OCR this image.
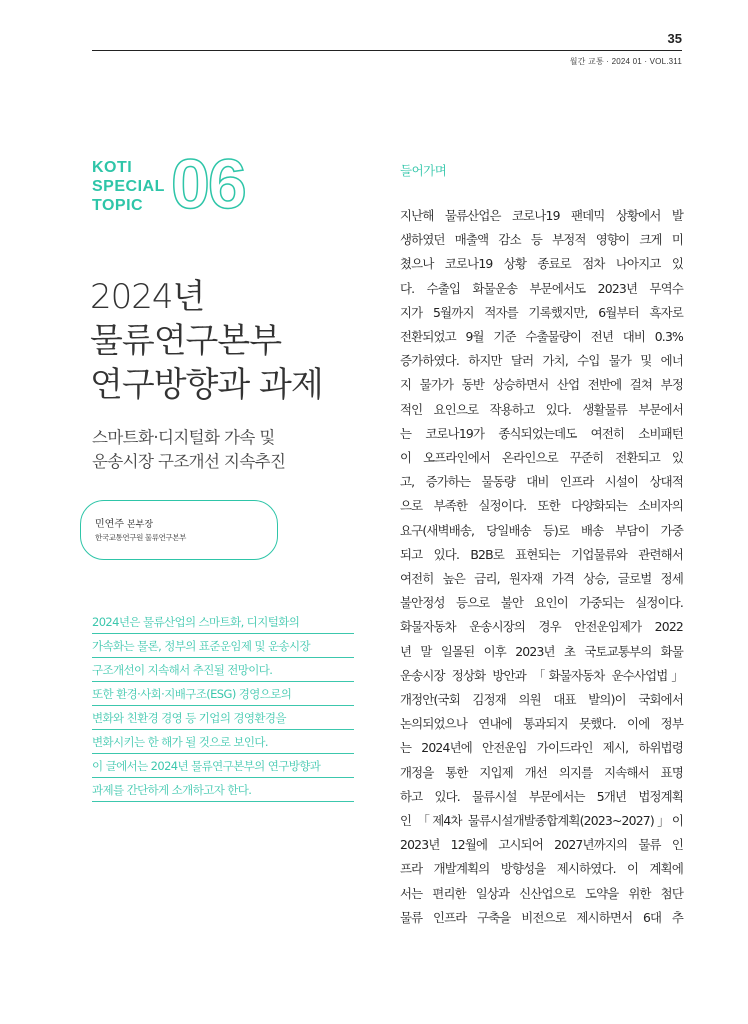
35
월간 교통 · 2024 01 · VOL.311
KOTI
SPECIAL
TOPIC 06
2024년
물류연구본부
연구방향과 과제
스마트화·디지털화 가속 및
운송시장 구조개선 지속추진
민연주 본부장
한국교통연구원 물류연구본부
2024년은 물류산업의 스마트화, 디지털화의
가속화는 물론, 정부의 표준운임제 및 운송시장
구조개선이 지속해서 추진될 전망이다.
또한 환경·사회·지배구조(ESG) 경영으로의
변화와 친환경 경영 등 기업의 경영환경을
변화시키는 한 해가 될 것으로 보인다.
이 글에서는 2024년 물류연구본부의 연구방향과
과제를 간단하게 소개하고자 한다.
들어가며
지난해 물류산업은 코로나19 팬데믹 상황에서 발
생하였던 매출액 감소 등 부정적 영향이 크게 미
쳤으나 코로나19 상황 종료로 점차 나아지고 있
다. 수출입 화물운송 부문에서도 2023년 무역수
지가 5월까지 적자를 기록했지만, 6월부터 흑자로
전환되었고 9월 기준 수출물량이 전년 대비 0.3%
증가하였다. 하지만 달러 가치, 수입 물가 및 에너
지 물가가 동반 상승하면서 산업 전반에 걸쳐 부정
적인 요인으로 작용하고 있다. 생활물류 부문에서
는 코로나19가 종식되었는데도 여전히 소비패턴
이 오프라인에서 온라인으로 꾸준히 전환되고 있
고, 증가하는 물동량 대비 인프라 시설이 상대적
으로 부족한 실정이다. 또한 다양화되는 소비자의
요구(새벽배송, 당일배송 등)로 배송 부담이 가중
되고 있다. B2B로 표현되는 기업물류와 관련해서
여전히 높은 금리, 원자재 가격 상승, 글로벌 정세
불안정성 등으로 불안 요인이 가중되는 실정이다.
화물자동차 운송시장의 경우 안전운임제가 2022
년 말 일몰된 이후 2023년 초 국토교통부의 화물
운송시장 정상화 방안과 「화물자동차 운수사업법」
개정안(국회 김정재 의원 대표 발의)이 국회에서
논의되었으나 연내에 통과되지 못했다. 이에 정부
는 2024년에 안전운임 가이드라인 제시, 하위법령
개정을 통한 지입제 개선 의지를 지속해서 표명
하고 있다. 물류시설 부문에서는 5개년 법정계획
인 「제4차 물류시설개발종합계획(2023~2027)」이
2023년 12월에 고시되어 2027년까지의 물류 인
프라 개발계획의 방향성을 제시하였다. 이 계획에
서는 편리한 일상과 신산업으로 도약을 위한 첨단
물류 인프라 구축을 비전으로 제시하면서 6대 추
